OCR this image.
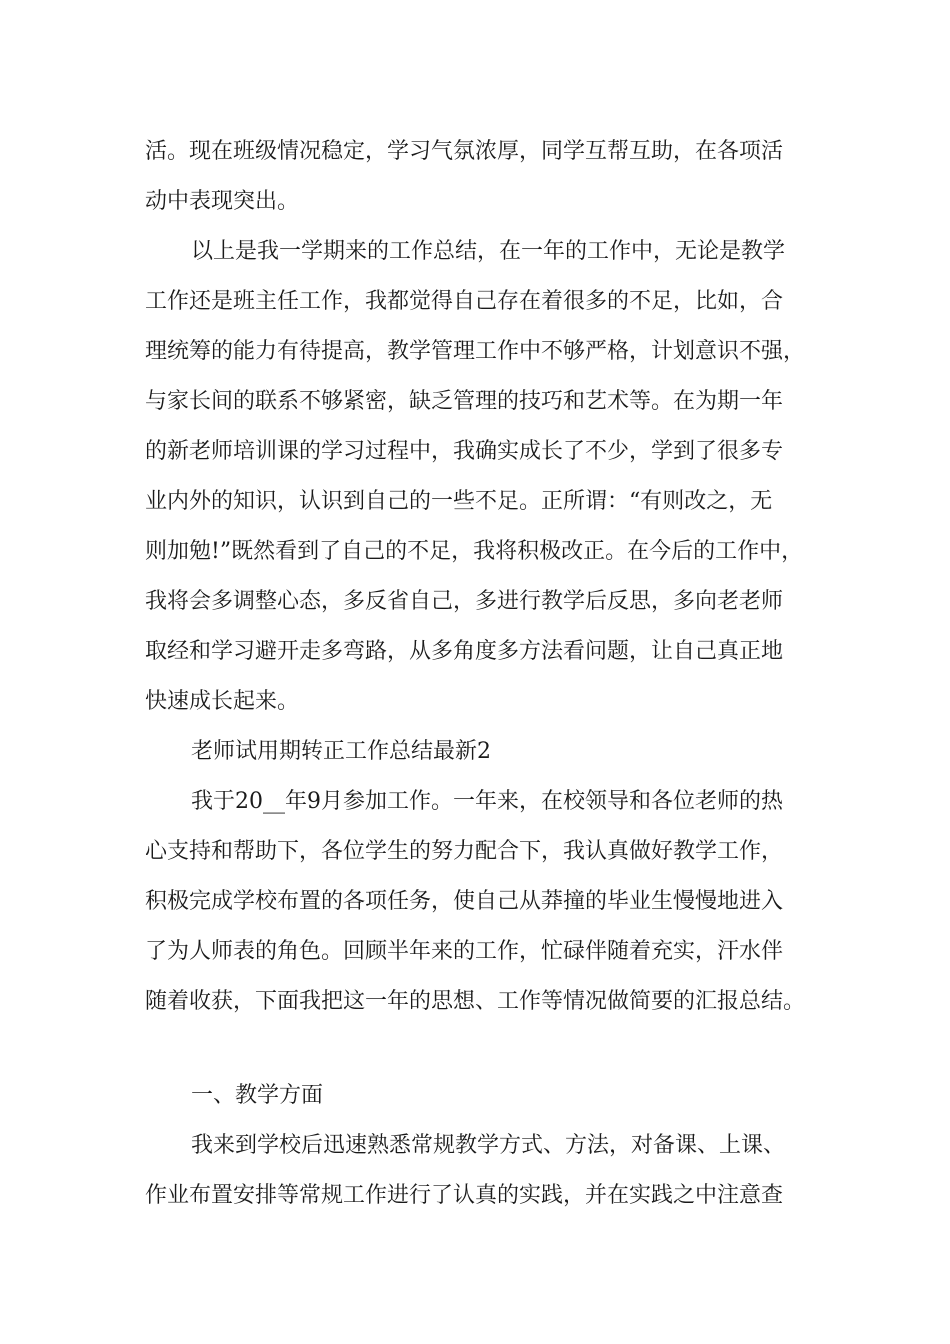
活。现在班级情况稳定，学习气氛浓厚，同学互帮互助，在各项活
动中表现突出。
以上是我一学期来的工作总结，在一年的工作中，无论是教学
工作还是班主任工作，我都觉得自己存在着很多的不足，比如，合
理统筹的能力有待提高，教学管理工作中不够严格，计划意识不强，
与家长间的联系不够紧密，缺乏管理的技巧和艺术等。在为期一年
的新老师培训课的学习过程中，我确实成长了不少，学到了很多专
业内外的知识，认识到自己的一些不足。正所谓：“有则改之，无
则加勉!”既然看到了自己的不足，我将积极改正。在今后的工作中，
我将会多调整心态，多反省自己，多进行教学后反思，多向老老师
取经和学习避开走多弯路，从多角度多方法看问题，让自己真正地
快速成长起来。
老师试用期转正工作总结最新2
我于20__年9月参加工作。一年来，在校领导和各位老师的热
心支持和帮助下，各位学生的努力配合下，我认真做好教学工作，
积极完成学校布置的各项任务，使自己从莽撞的毕业生慢慢地进入
了为人师表的角色。回顾半年来的工作，忙碌伴随着充实，汗水伴
随着收获，下面我把这一年的思想、工作等情况做简要的汇报总结。
一、教学方面
我来到学校后迅速熟悉常规教学方式、方法，对备课、上课、
作业布置安排等常规工作进行了认真的实践，并在实践之中注意查
